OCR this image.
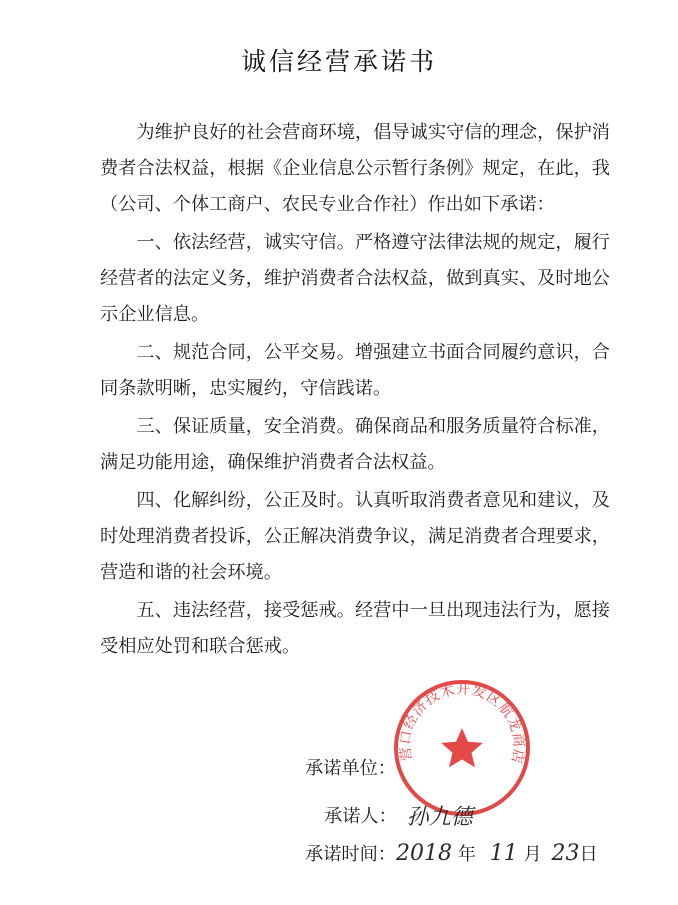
诚信经营承诺书

为维护良好的社会营商环境，倡导诚实守信的理念，保护消费者合法权益，根据《企业信息公示暂行条例》规定，在此，我（公司、个体工商户、农民专业合作社）作出如下承诺：

一、依法经营，诚实守信。严格遵守法律法规的规定，履行经营者的法定义务，维护消费者合法权益，做到真实、及时地公示企业信息。

二、规范合同，公平交易。增强建立书面合同履约意识，合同条款明晰，忠实履约，守信践诺。

三、保证质量，安全消费。确保商品和服务质量符合标准，满足功能用途，确保维护消费者合法权益。

四、化解纠纷，公正及时。认真听取消费者意见和建议，及时处理消费者投诉，公正解决消费争议，满足消费者合理要求，营造和谐的社会环境。

五、违法经营，接受惩戒。经营中一旦出现违法行为，愿接受相应处罚和联合惩戒。

营口经济技术开发区航龙商店
承诺单位：
承诺人： 孙九德
承诺时间：2018 年 11 月 23日
